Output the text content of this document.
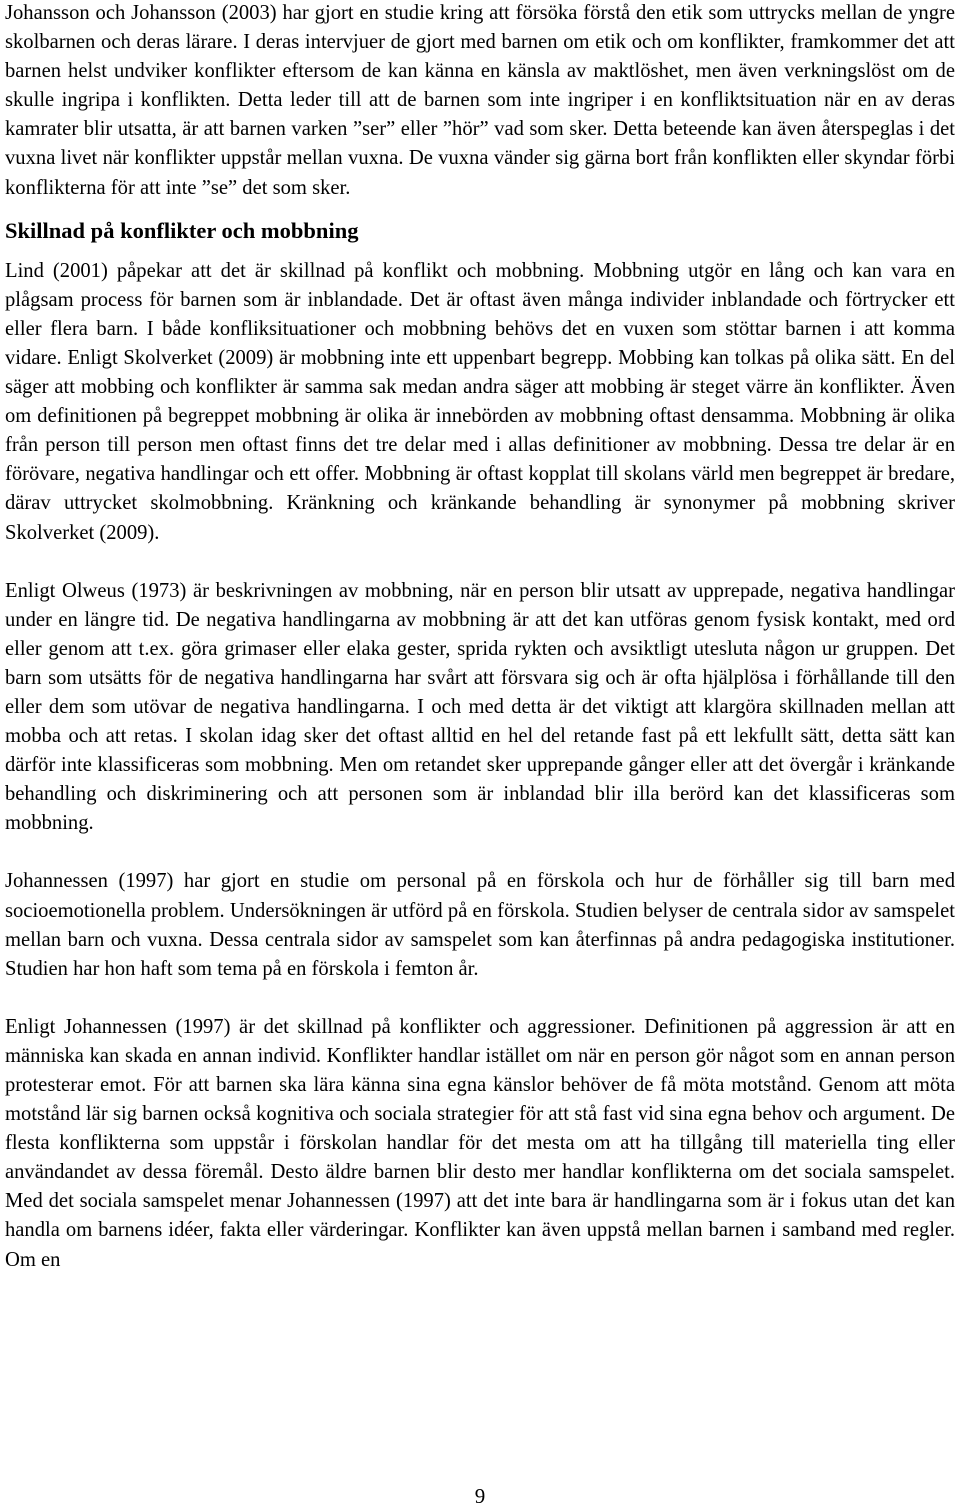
Johansson och Johansson (2003) har gjort en studie kring att försöka förstå den etik som uttrycks mellan de yngre skolbarnen och deras lärare. I deras intervjuer de gjort med barnen om etik och om konflikter, framkommer det att barnen helst undviker konflikter eftersom de kan känna en känsla av maktlöshet, men även verkningslöst om de skulle ingripa i konflikten. Detta leder till att de barnen som inte ingriper i en konfliktsituation när en av deras kamrater blir utsatta, är att barnen varken ”ser” eller ”hör” vad som sker. Detta beteende kan även återspeglas i det vuxna livet när konflikter uppstår mellan vuxna. De vuxna vänder sig gärna bort från konflikten eller skyndar förbi konflikterna för att inte ”se” det som sker.

Skillnad på konflikter och mobbning

Lind (2001) påpekar att det är skillnad på konflikt och mobbning. Mobbning utgör en lång och kan vara en plågsam process för barnen som är inblandade. Det är oftast även många individer inblandade och förtrycker ett eller flera barn. I både konfliksituationer och mobbning behövs det en vuxen som stöttar barnen i att komma vidare. Enligt Skolverket (2009) är mobbning inte ett uppenbart begrepp. Mobbing kan tolkas på olika sätt. En del säger att mobbing och konflikter är samma sak medan andra säger att mobbing är steget värre än konflikter. Även om definitionen på begreppet mobbning är olika är innebörden av mobbning oftast densamma. Mobbning är olika från person till person men oftast finns det tre delar med i allas definitioner av mobbning. Dessa tre delar är en förövare, negativa handlingar och ett offer. Mobbning är oftast kopplat till skolans värld men begreppet är bredare, därav uttrycket skolmobbning. Kränkning och kränkande behandling är synonymer på mobbning skriver Skolverket (2009).

Enligt Olweus (1973) är beskrivningen av mobbning, när en person blir utsatt av upprepade, negativa handlingar under en längre tid. De negativa handlingarna av mobbning är att det kan utföras genom fysisk kontakt, med ord eller genom att t.ex. göra grimaser eller elaka gester, sprida rykten och avsiktligt utesluta någon ur gruppen. Det barn som utsätts för de negativa handlingarna har svårt att försvara sig och är ofta hjälplösa i förhållande till den eller dem som utövar de negativa handlingarna. I och med detta är det viktigt att klargöra skillnaden mellan att mobba och att retas. I skolan idag sker det oftast alltid en hel del retande fast på ett lekfullt sätt, detta sätt kan därför inte klassificeras som mobbning. Men om retandet sker upprepande gånger eller att det övergår i kränkande behandling och diskriminering och att personen som är inblandad blir illa berörd kan det klassificeras som mobbning.

Johannessen (1997) har gjort en studie om personal på en förskola och hur de förhåller sig till barn med socioemotionella problem. Undersökningen är utförd på en förskola. Studien belyser de centrala sidor av samspelet mellan barn och vuxna. Dessa centrala sidor av samspelet som kan återfinnas på andra pedagogiska institutioner. Studien har hon haft som tema på en förskola i femton år.

Enligt Johannessen (1997) är det skillnad på konflikter och aggressioner. Definitionen på aggression är att en människa kan skada en annan individ. Konflikter handlar istället om när en person gör något som en annan person protesterar emot. För att barnen ska lära känna sina egna känslor behöver de få möta motstånd. Genom att möta motstånd lär sig barnen också kognitiva och sociala strategier för att stå fast vid sina egna behov och argument. De flesta konflikterna som uppstår i förskolan handlar för det mesta om att ha tillgång till materiella ting eller användandet av dessa föremål. Desto äldre barnen blir desto mer handlar konflikterna om det sociala samspelet. Med det sociala samspelet menar Johannessen (1997) att det inte bara är handlingarna som är i fokus utan det kan handla om barnens idéer, fakta eller värderingar. Konflikter kan även uppstå mellan barnen i samband med regler. Om en

9
